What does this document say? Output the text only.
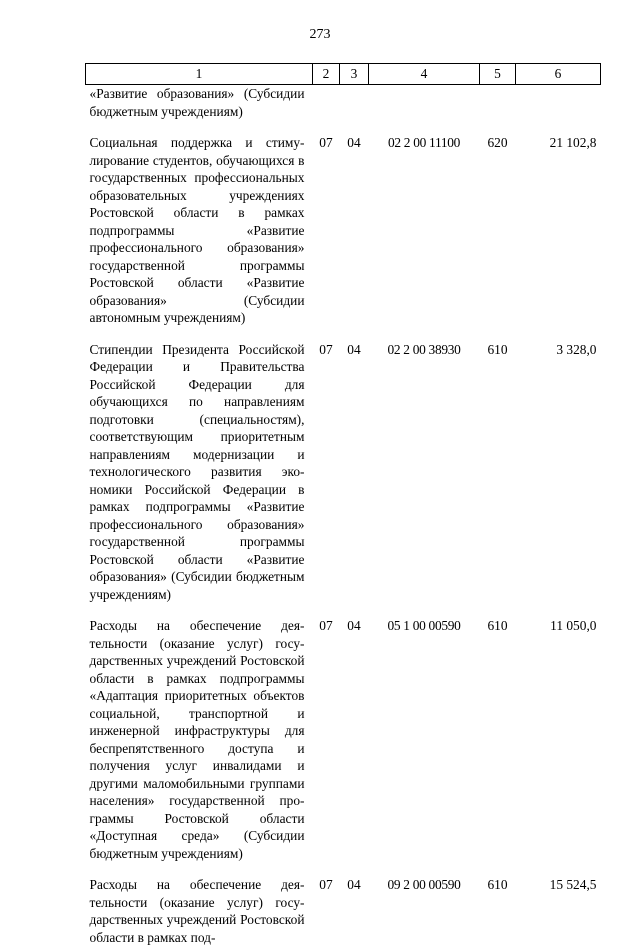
273
1	2	3	4	5	6
«Развитие образования» (Субсидии бюджетным учреждениям)					
Социальная поддержка и стимулирование студентов, обучающихся в государственных профессиональных образовательных учреждениях Ростовской области в рамках подпрограммы «Развитие профессионального образования» государственной программы Ростовской области «Развитие образования» (Субсидии автономным учреждениям)	07	04	02 2 00 11100	620	21 102,8
Стипендии Президента Российской Федерации и Правительства Российской Федерации для обучающихся по направлениям подготовки (специальностям), соответствующим приоритетным направлениям модернизации и технологического развития экономики Российской Федерации в рамках подпрограммы «Развитие профессионального образования» государственной программы Ростовской области «Развитие образования» (Субсидии бюджетным учреждениям)	07	04	02 2 00 38930	610	3 328,0
Расходы на обеспечение деятельности (оказание услуг) государственных учреждений Ростовской области в рамках подпрограммы «Адаптация приоритетных объектов социальной, транспортной и инженерной инфраструктуры для беспрепятственного доступа и получения услуг инвалидами и другими маломобильными группами населения» государственной программы Ростовской области «Доступная среда» (Субсидии бюджетным учреждениям)	07	04	05 1 00 00590	610	11 050,0
Расходы на обеспечение деятельности (оказание услуг) государственных учреждений Ростовской области в рамках под-	07	04	09 2 00 00590	610	15 524,5
